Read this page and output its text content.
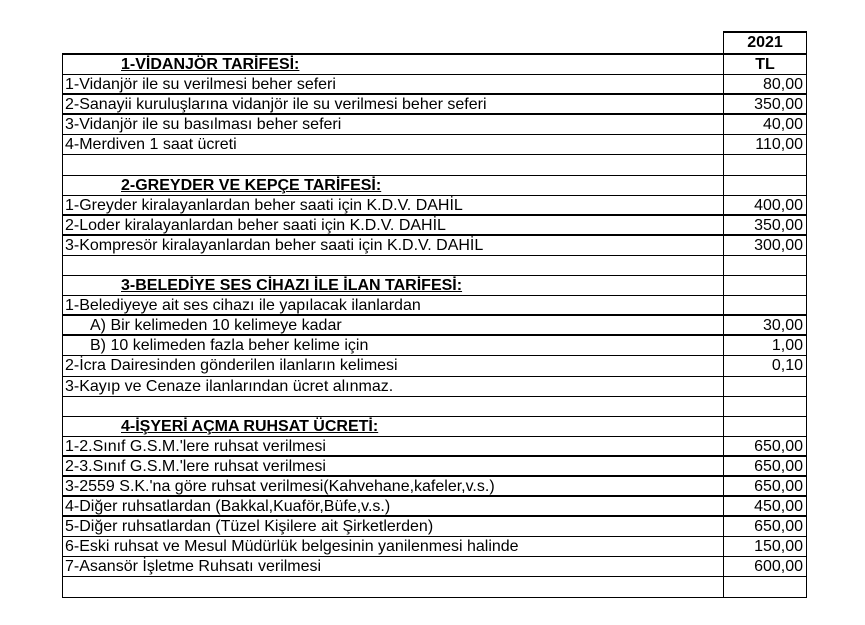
2021
1-VİDANJÖR TARİFESİ:	TL
1-Vidanjör ile su verilmesi beher seferi	80,00
2-Sanayii kuruluşlarına vidanjör ile su verilmesi beher seferi	350,00
3-Vidanjör ile su basılması beher seferi	40,00
4-Merdiven 1 saat ücreti	110,00
2-GREYDER VE KEPÇE TARİFESİ:
1-Greyder kiralayanlardan beher saati için K.D.V. DAHİL	400,00
2-Loder kiralayanlardan beher saati için K.D.V. DAHİL	350,00
3-Kompresör kiralayanlardan beher saati için K.D.V. DAHİL	300,00
3-BELEDİYE SES CİHAZI İLE İLAN TARİFESİ:
1-Belediyeye ait ses cihazı ile yapılacak ilanlardan
A) Bir kelimeden 10 kelimeye kadar	30,00
B) 10 kelimeden fazla beher kelime için	1,00
2-İcra Dairesinden gönderilen ilanların kelimesi	0,10
3-Kayıp ve Cenaze ilanlarından ücret alınmaz.
4-İŞYERİ AÇMA RUHSAT ÜCRETİ:
1-2.Sınıf G.S.M.'lere ruhsat verilmesi	650,00
2-3.Sınıf G.S.M.'lere ruhsat verilmesi	650,00
3-2559 S.K.'na göre ruhsat verilmesi(Kahvehane,kafeler,v.s.)	650,00
4-Diğer ruhsatlardan (Bakkal,Kuaför,Büfe,v.s.)	450,00
5-Diğer ruhsatlardan (Tüzel Kişilere ait Şirketlerden)	650,00
6-Eski ruhsat ve Mesul Müdürlük belgesinin yanilenmesi halinde	150,00
7-Asansör İşletme Ruhsatı verilmesi	600,00
